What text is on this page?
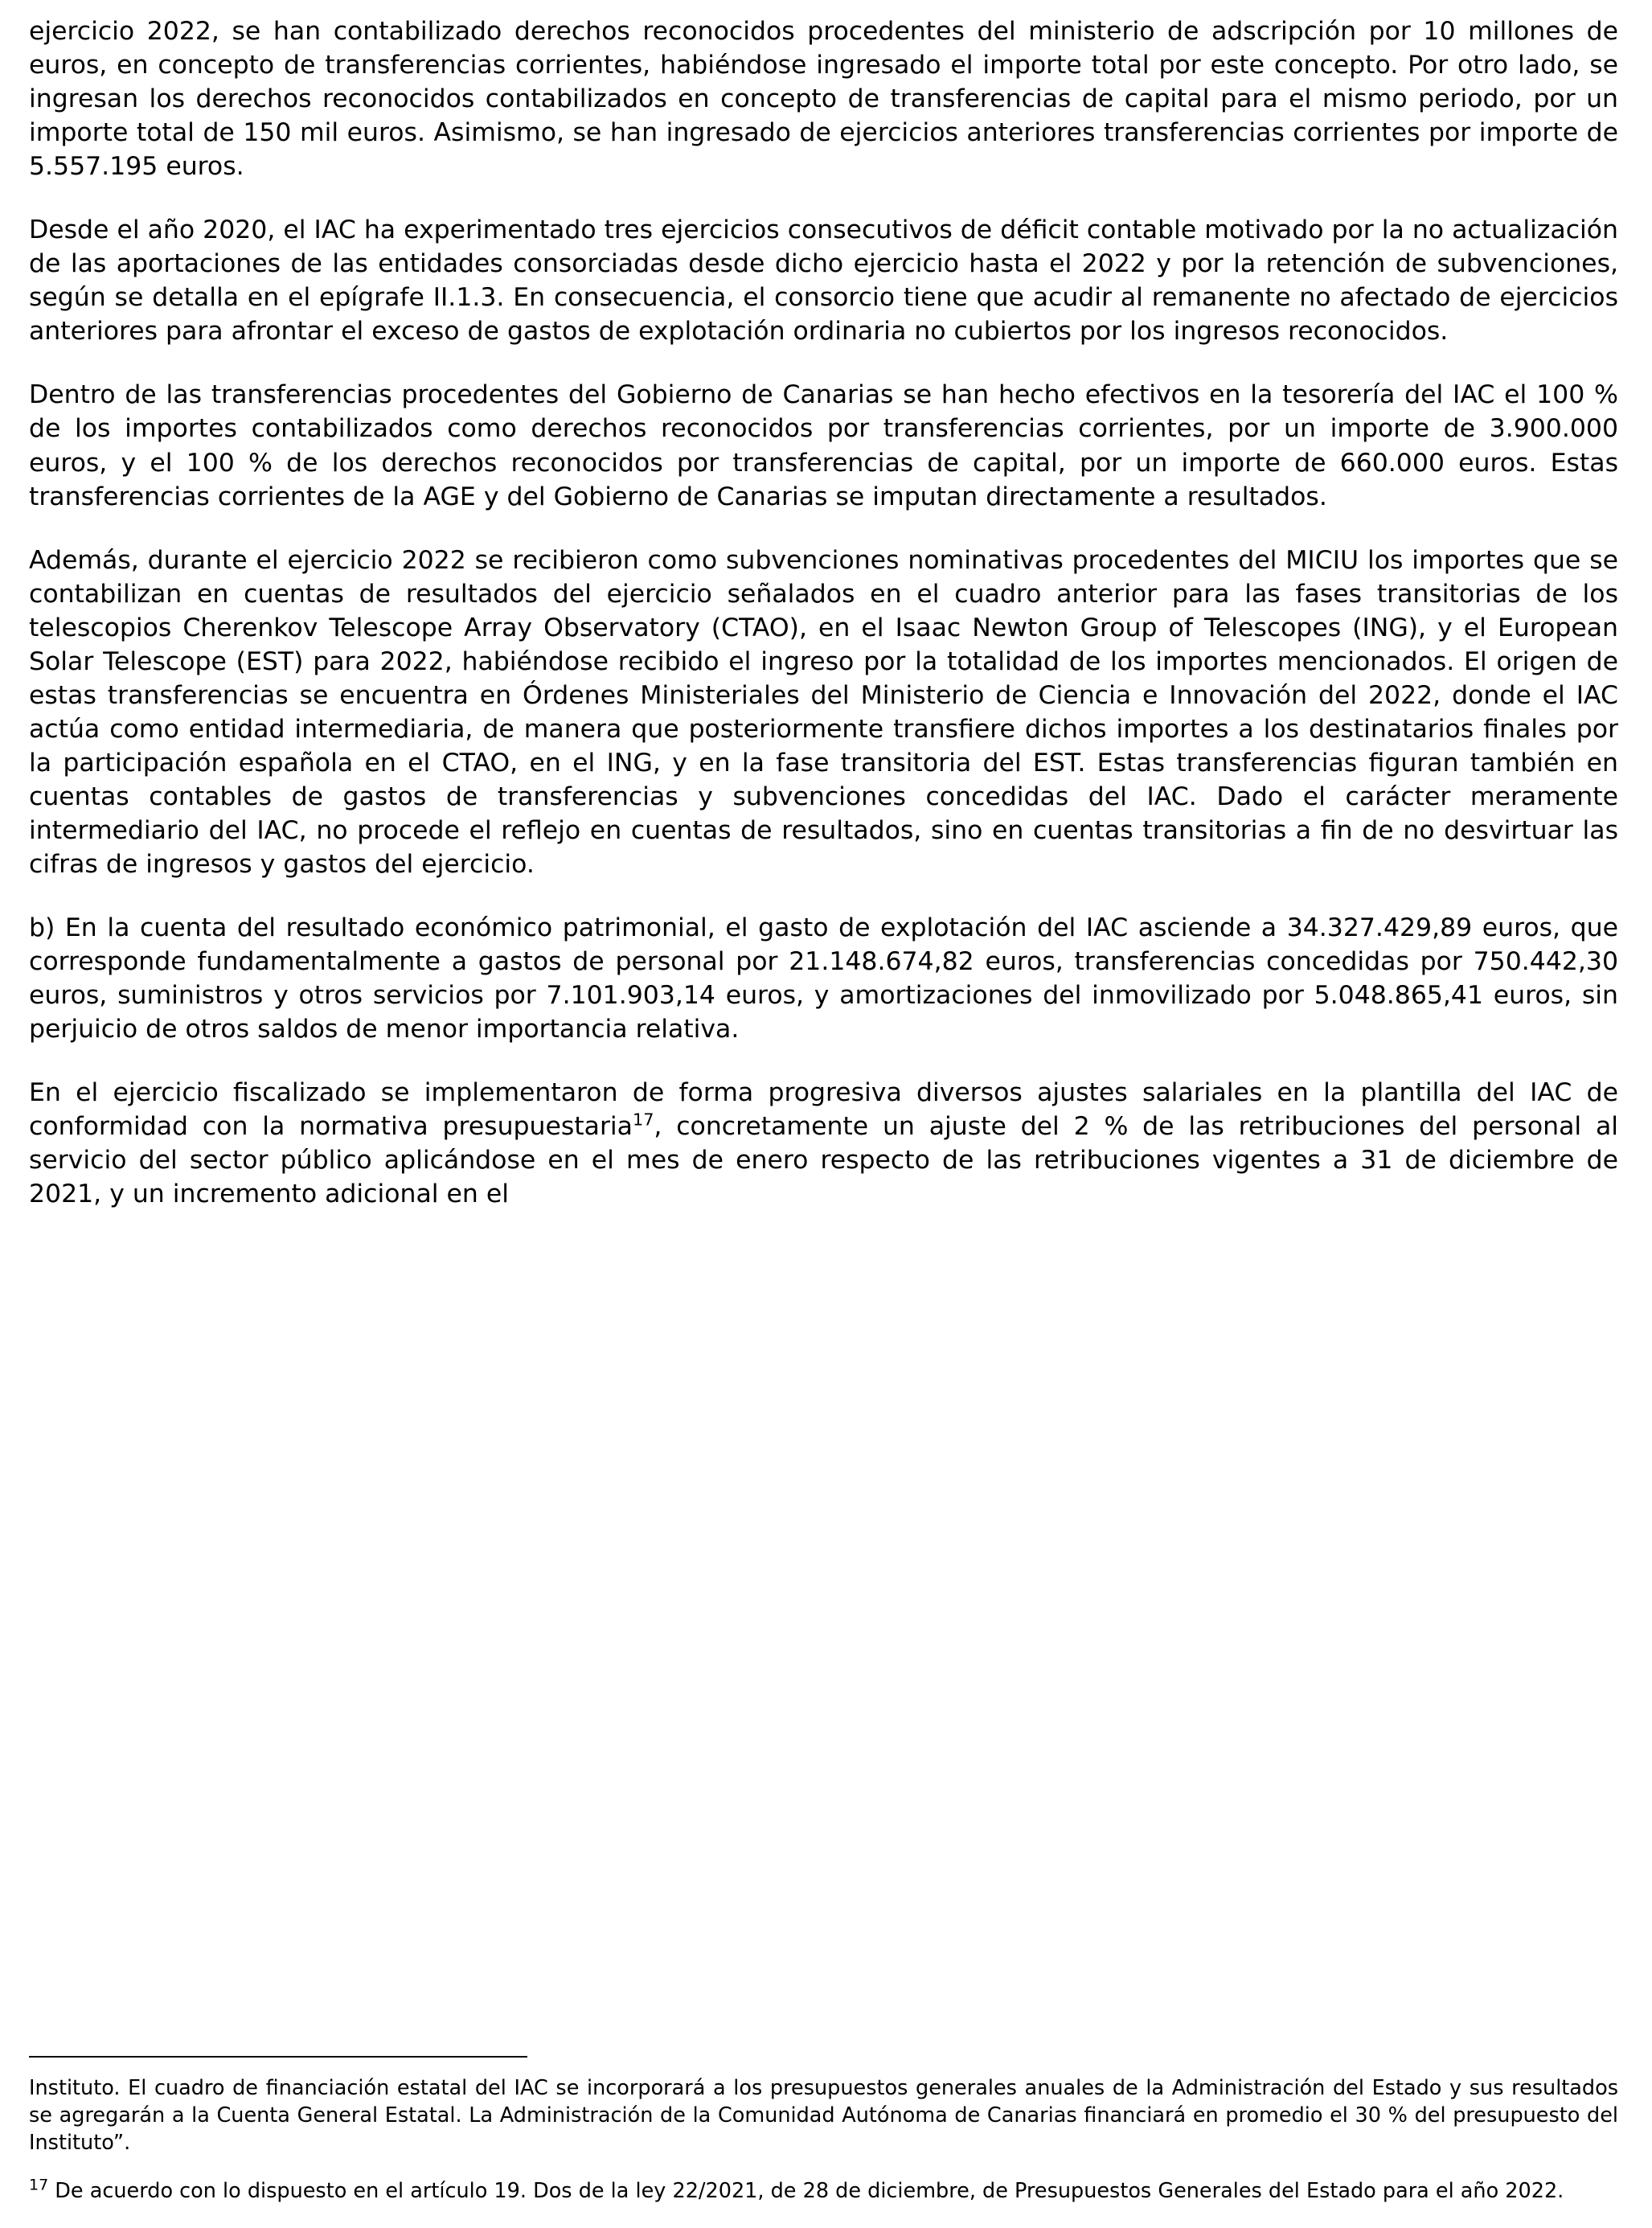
ejercicio 2022, se han contabilizado derechos reconocidos procedentes del ministerio de adscripción por 10 millones de euros, en concepto de transferencias corrientes, habiéndose ingresado el importe total por este concepto. Por otro lado, se ingresan los derechos reconocidos contabilizados en concepto de transferencias de capital para el mismo periodo, por un importe total de 150 mil euros. Asimismo, se han ingresado de ejercicios anteriores transferencias corrientes por importe de 5.557.195 euros.

Desde el año 2020, el IAC ha experimentado tres ejercicios consecutivos de déficit contable motivado por la no actualización de las aportaciones de las entidades consorciadas desde dicho ejercicio hasta el 2022 y por la retención de subvenciones, según se detalla en el epígrafe II.1.3. En consecuencia, el consorcio tiene que acudir al remanente no afectado de ejercicios anteriores para afrontar el exceso de gastos de explotación ordinaria no cubiertos por los ingresos reconocidos.

Dentro de las transferencias procedentes del Gobierno de Canarias se han hecho efectivos en la tesorería del IAC el 100 % de los importes contabilizados como derechos reconocidos por transferencias corrientes, por un importe de 3.900.000 euros, y el 100 % de los derechos reconocidos por transferencias de capital, por un importe de 660.000 euros. Estas transferencias corrientes de la AGE y del Gobierno de Canarias se imputan directamente a resultados.

Además, durante el ejercicio 2022 se recibieron como subvenciones nominativas procedentes del MICIU los importes que se contabilizan en cuentas de resultados del ejercicio señalados en el cuadro anterior para las fases transitorias de los telescopios Cherenkov Telescope Array Observatory (CTAO), en el Isaac Newton Group of Telescopes (ING), y el European Solar Telescope (EST) para 2022, habiéndose recibido el ingreso por la totalidad de los importes mencionados. El origen de estas transferencias se encuentra en Órdenes Ministeriales del Ministerio de Ciencia e Innovación del 2022, donde el IAC actúa como entidad intermediaria, de manera que posteriormente transfiere dichos importes a los destinatarios finales por la participación española en el CTAO, en el ING, y en la fase transitoria del EST. Estas transferencias figuran también en cuentas contables de gastos de transferencias y subvenciones concedidas del IAC. Dado el carácter meramente intermediario del IAC, no procede el reflejo en cuentas de resultados, sino en cuentas transitorias a fin de no desvirtuar las cifras de ingresos y gastos del ejercicio.

b) En la cuenta del resultado económico patrimonial, el gasto de explotación del IAC asciende a 34.327.429,89 euros, que corresponde fundamentalmente a gastos de personal por 21.148.674,82 euros, transferencias concedidas por 750.442,30 euros, suministros y otros servicios por 7.101.903,14 euros, y amortizaciones del inmovilizado por 5.048.865,41 euros, sin perjuicio de otros saldos de menor importancia relativa.

En el ejercicio fiscalizado se implementaron de forma progresiva diversos ajustes salariales en la plantilla del IAC de conformidad con la normativa presupuestaria$^{17}$, concretamente un ajuste del 2 % de las retribuciones del personal al servicio del sector público aplicándose en el mes de enero respecto de las retribuciones vigentes a 31 de diciembre de 2021, y un incremento adicional en el

Instituto. El cuadro de financiación estatal del IAC se incorporará a los presupuestos generales anuales de la Administración del Estado y sus resultados se agregarán a la Cuenta General Estatal. La Administración de la Comunidad Autónoma de Canarias financiará en promedio el 30 % del presupuesto del Instituto”.

$^{17}$ De acuerdo con lo dispuesto en el artículo 19. Dos de la ley 22/2021, de 28 de diciembre, de Presupuestos Generales del Estado para el año 2022.
